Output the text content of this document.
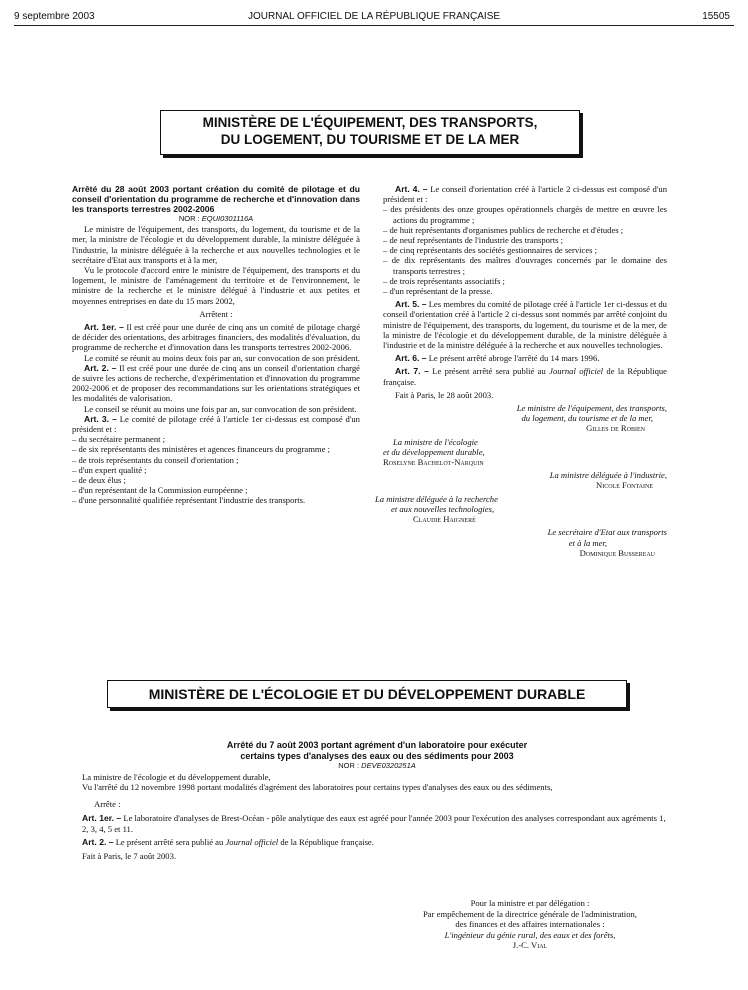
9 septembre 2003	JOURNAL OFFICIEL DE LA RÉPUBLIQUE FRANÇAISE	15505
MINISTÈRE DE L'ÉQUIPEMENT, DES TRANSPORTS,
DU LOGEMENT, DU TOURISME ET DE LA MER

Arrêté du 28 août 2003 portant création du comité de pilotage et du conseil d'orientation du programme de recherche et d'innovation dans les transports terrestres 2002-2006

NOR : EQUI0301116A

Le ministre de l'équipement, des transports, du logement, du tourisme et de la mer, la ministre de l'écologie et du développement durable, la ministre déléguée à l'industrie, la ministre déléguée à la recherche et aux nouvelles technologies et le secrétaire d'Etat aux transports et à la mer,

Vu le protocole d'accord entre le ministre de l'équipement, des transports et du logement, le ministre de l'aménagement du territoire et de l'environnement, le ministre de la recherche et le ministre délégué à l'industrie et aux petites et moyennes entreprises en date du 15 mars 2002,

Arrêtent :

Art. 1er. – Il est créé pour une durée de cinq ans un comité de pilotage chargé de décider des orientations, des arbitrages financiers, des modalités d'évaluation, du programme de recherche et d'innovation dans les transports terrestres 2002-2006.

Le comité se réunit au moins deux fois par an, sur convocation de son président.

Art. 2. – Il est créé pour une durée de cinq ans un conseil d'orientation chargé de suivre les actions de recherche, d'expérimentation et d'innovation du programme 2002-2006 et de proposer des recommandations sur les orientations stratégiques et les modalités de valorisation.

Le conseil se réunit au moins une fois par an, sur convocation de son président.

Art. 3. – Le comité de pilotage créé à l'article 1er ci-dessus est composé d'un président et :

– du secrétaire permanent ;

– de six représentants des ministères et agences financeurs du programme ;

– de trois représentants du conseil d'orientation ;

– d'un expert qualité ;

– de deux élus ;

– d'un représentant de la Commission européenne ;

– d'une personnalité qualifiée représentant l'industrie des transports.

Art. 4. – Le conseil d'orientation créé à l'article 2 ci-dessus est composé d'un président et :

– des présidents des onze groupes opérationnels chargés de mettre en œuvre les actions du programme ;

– de huit représentants d'organismes publics de recherche et d'études ;

– de neuf représentants de l'industrie des transports ;

– de cinq représentants des sociétés gestionnaires de services ;

– de dix représentants des maîtres d'ouvrages concernés par le domaine des transports terrestres ;

– de trois représentants associatifs ;

– d'un représentant de la presse.

Art. 5. – Les membres du comité de pilotage créé à l'article 1er ci-dessus et du conseil d'orientation créé à l'article 2 ci-dessus sont nommés par arrêté conjoint du ministre de l'équipement, des transports, du logement, du tourisme et de la mer, de la ministre de l'écologie et du développement durable, de la ministre déléguée à l'industrie et de la ministre déléguée à la recherche et aux nouvelles technologies.

Art. 6. – Le présent arrêté abroge l'arrêté du 14 mars 1996.

Art. 7. – Le présent arrêté sera publié au Journal officiel de la République française.

Fait à Paris, le 28 août 2003.

Le ministre de l'équipement, des transports,

du logement, du tourisme et de la mer,

Gilles de Robien

La ministre de l'écologie

et du développement durable,

Roselyne Bachelot-Narquin

La ministre déléguée à l'industrie,

Nicole Fontaine

La ministre déléguée à la recherche

et aux nouvelles technologies,

Claudie Haigneré

Le secrétaire d'Etat aux transports

et à la mer,

Dominique Bussereau

MINISTÈRE DE L'ÉCOLOGIE ET DU DÉVELOPPEMENT DURABLE

Arrêté du 7 août 2003 portant agrément d'un laboratoire pour exécuter

certains types d'analyses des eaux ou des sédiments pour 2003

NOR : DEVE0320251A

La ministre de l'écologie et du développement durable,

Vu l'arrêté du 12 novembre 1998 portant modalités d'agrément des laboratoires pour certains types d'analyses des eaux ou des sédiments,

Arrête :

Art. 1er. – Le laboratoire d'analyses de Brest-Océan - pôle analytique des eaux est agréé pour l'année 2003 pour l'exécution des analyses correspondant aux agréments 1, 2, 3, 4, 5 et 11.

Art. 2. – Le présent arrêté sera publié au Journal officiel de la République française.

Fait à Paris, le 7 août 2003.

Pour la ministre et par délégation :

Par empêchement de la directrice générale de l'administration,

des finances et des affaires internationales :

L'ingénieur du génie rural, des eaux et des forêts,

J.-C. Vial
